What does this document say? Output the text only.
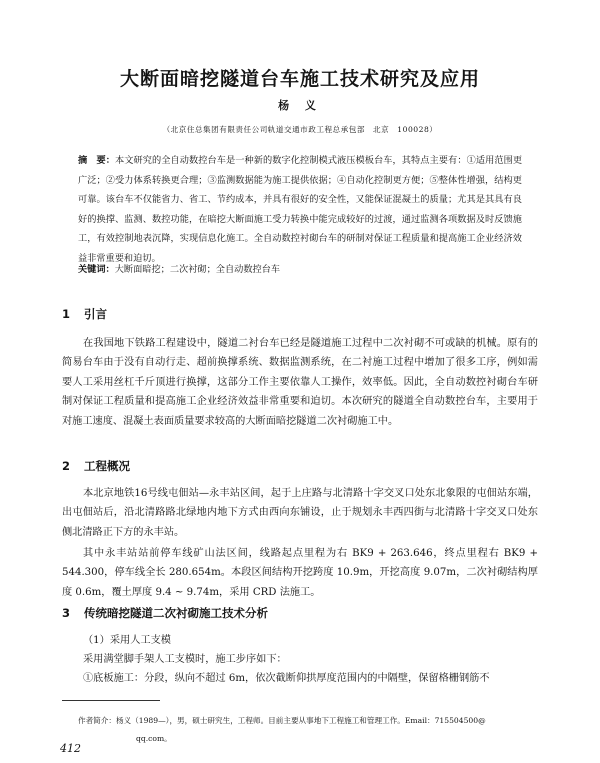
大断面暗挖隧道台车施工技术研究及应用
杨 义
（北京住总集团有限责任公司轨道交通市政工程总承包部　北京　100028）
摘　要：本文研究的全自动数控台车是一种新的数字化控制模式液压模板台车，其特点主要有：①适用范围更广泛；②受力体系转换更合理；③监测数据能为施工提供依据；④自动化控制更方便；⑤整体性增强，结构更可靠。该台车不仅能省力、省工、节约成本，并具有很好的安全性，又能保证混凝土的质量；尤其是其具有良好的换撑、监测、数控功能，在暗挖大断面施工受力转换中能完成较好的过渡，通过监测各项数据及时反馈施工，有效控制地表沉降，实现信息化施工。全自动数控衬砌台车的研制对保证工程质量和提高施工企业经济效益非常重要和迫切。
关键词：大断面暗挖；二次衬砌；全自动数控台车
1 引言
在我国地下铁路工程建设中，隧道二衬台车已经是隧道施工过程中二次衬砌不可或缺的机械。原有的简易台车由于没有自动行走、超前换撑系统、数据监测系统，在二衬施工过程中增加了很多工序，例如需要人工采用丝杠千斤顶进行换撑，这部分工作主要依靠人工操作，效率低。因此，全自动数控衬砌台车研制对保证工程质量和提高施工企业经济效益非常重要和迫切。本次研究的隧道全自动数控台车，主要用于对施工速度、混凝土表面质量要求较高的大断面暗挖隧道二次衬砌施工中。
2 工程概况
本北京地铁16号线屯佃站—永丰站区间，起于上庄路与北清路十字交叉口处东北象限的屯佃站东端，出屯佃站后，沿北清路路北绿地内地下方式由西向东铺设，止于规划永丰西四街与北清路十字交叉口处东侧北清路正下方的永丰站。
其中永丰站站前停车线矿山法区间，线路起点里程为右 BK9 + 263.646，终点里程右 BK9 + 544.300，停车线全长 280.654m。本段区间结构开挖跨度 10.9m，开挖高度 9.07m，二次衬砌结构厚度 0.6m，覆土厚度 9.4 ~ 9.74m，采用 CRD 法施工。
3 传统暗挖隧道二次衬砌施工技术分析
（1）采用人工支模
采用满堂脚手架人工支模时，施工步序如下：
①底板施工：分段，纵向不超过 6m，依次截断仰拱厚度范围内的中隔壁，保留格栅钢筋不
作者简介：杨义（1989—），男，硕士研究生，工程师。目前主要从事地下工程施工和管理工作。Email：715504500@
qq.com。
412
